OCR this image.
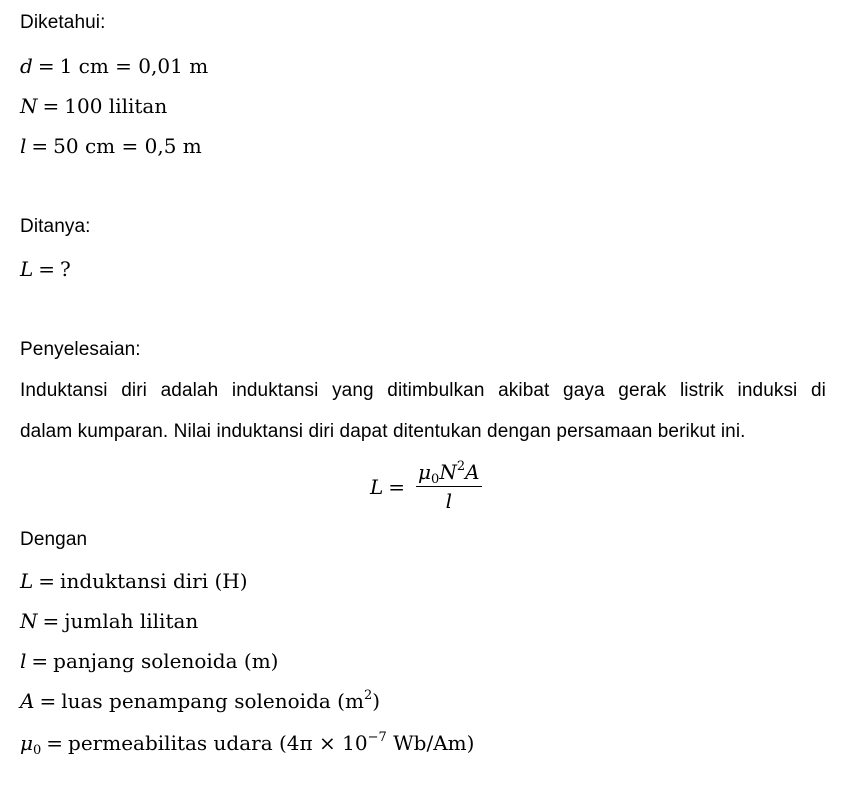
Diketahui:
d = 1 cm = 0,01 m
N = 100 lilitan
l = 50 cm = 0,5 m
Ditanya:
L = ?
Penyelesaian:
Induktansi diri adalah induktansi yang ditimbulkan akibat gaya gerak listrik induksi di
dalam kumparan. Nilai induktansi diri dapat ditentukan dengan persamaan berikut ini.
$L = \frac{\mu_0N^2A}{l}$
Dengan
L = induktansi diri (H)
N = jumlah lilitan
l = panjang solenoida (m)
A = luas penampang solenoida $(m^2)$
$\mu_0$ = permeabilitas udara ($4\pi \times 10^{-7}$ Wb/Am)
